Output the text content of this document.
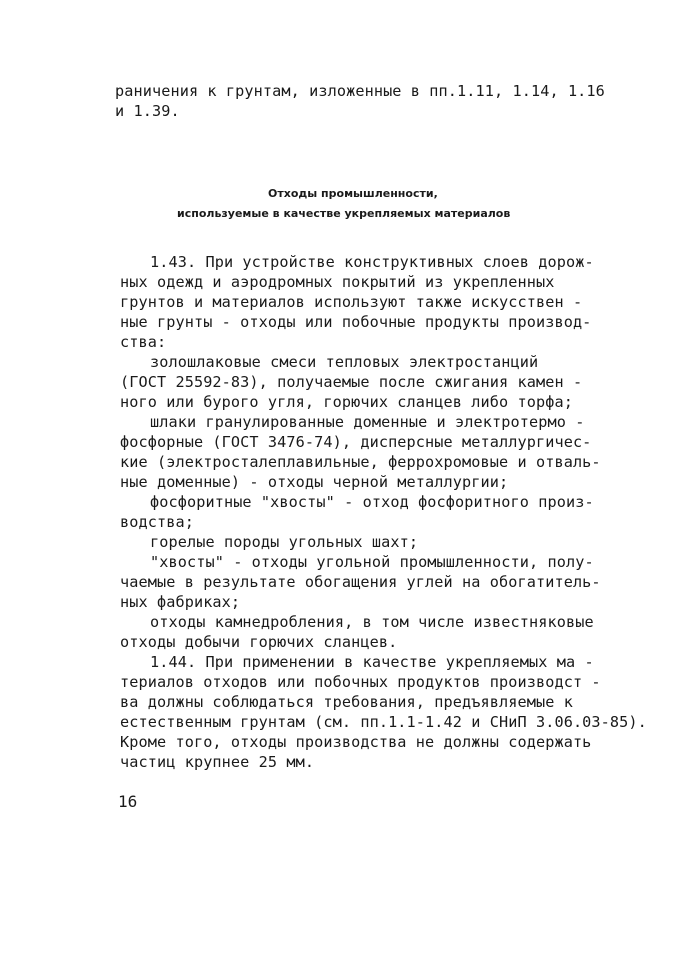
раничения к грунтам, изложенные в пп.1.11, 1.14, 1.16
и 1.39.
Отходы промышленности,
используемые в качестве укрепляемых материалов
1.43. При устройстве конструктивных слоев дорож-
ных одежд и аэродромных покрытий из укрепленных
грунтов и материалов используют также искусствен -
ные грунты - отходы или побочные продукты производ-
ства:
золошлаковые смеси тепловых электростанций
(ГОСТ 25592-83), получаемые после сжигания камен -
ного или бурого угля, горючих сланцев либо торфа;
шлаки гранулированные доменные и электротермо -
фосфорные (ГОСТ 3476-74), дисперсные металлургичес-
кие (электросталеплавильные, феррохромовые и отваль-
ные доменные) - отходы черной металлургии;
фосфоритные "хвосты" - отход фосфоритного произ-
водства;
горелые породы угольных шахт;
"хвосты" - отходы угольной промышленности, полу-
чаемые в результате обогащения углей на обогатитель-
ных фабриках;
отходы камнедробления, в том числе известняковые
отходы добычи горючих сланцев.
1.44. При применении в качестве укрепляемых ма -
териалов отходов или побочных продуктов производст -
ва должны соблюдаться требования, предъявляемые к
естественным грунтам (см. пп.1.1-1.42 и СНиП 3.06.03-85).
Кроме того, отходы производства не должны содержать
частиц крупнее 25 мм.
16
